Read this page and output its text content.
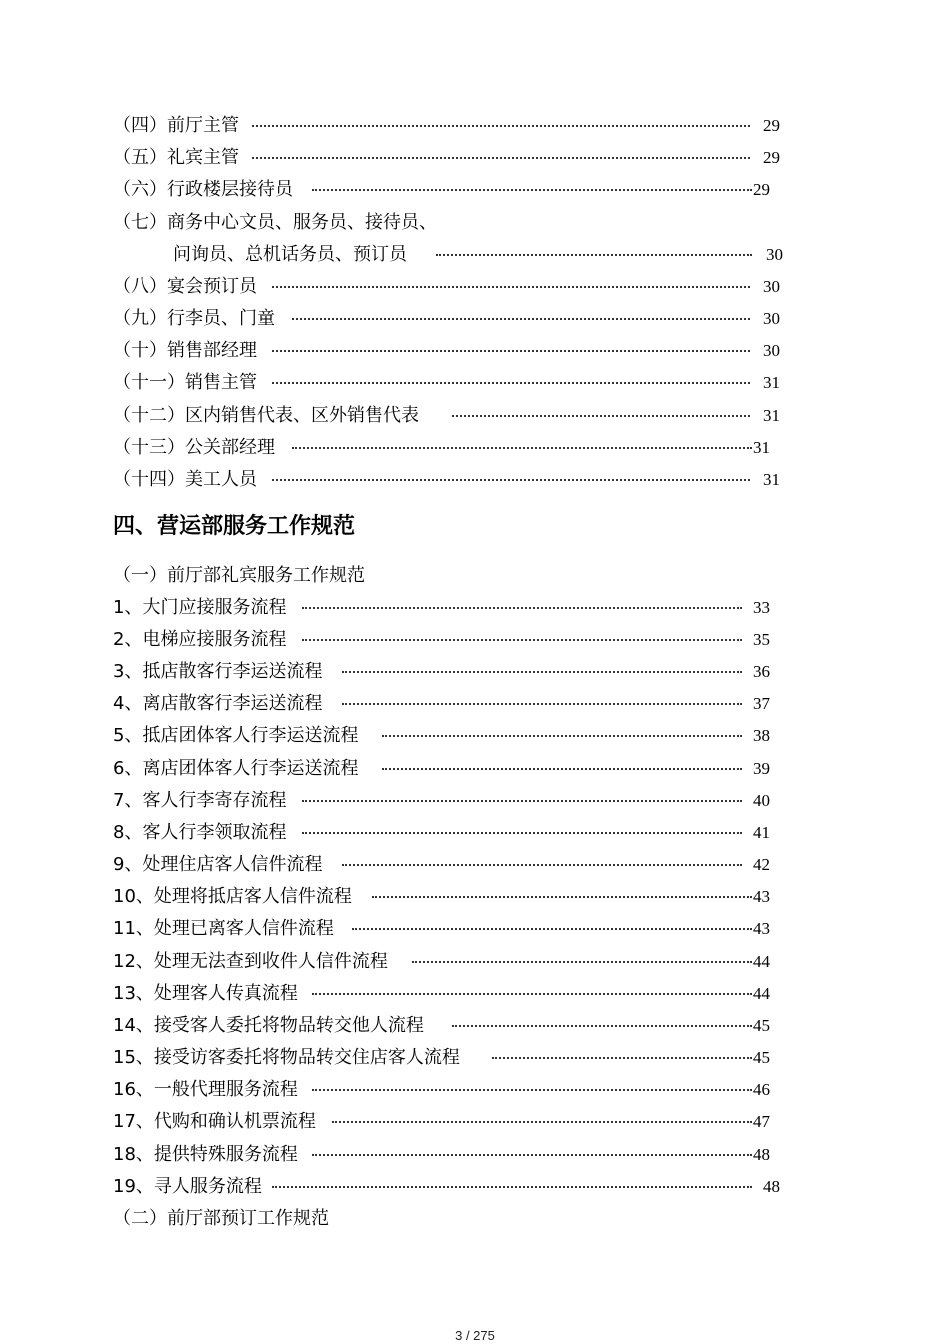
（四）前厅主管	29
（五）礼宾主管	29
（六）行政楼层接待员	29
（七）商务中心文员、服务员、接待员、
问询员、总机话务员、预订员	30
（八）宴会预订员	30
（九）行李员、门童	30
（十）销售部经理	30
（十一）销售主管	31
（十二）区内销售代表、区外销售代表	31
（十三）公关部经理	31
（十四）美工人员	31
四、营运部服务工作规范
（一）前厅部礼宾服务工作规范
1、大门应接服务流程	33
2、电梯应接服务流程	35
3、抵店散客行李运送流程	36
4、离店散客行李运送流程	37
5、抵店团体客人行李运送流程	38
6、离店团体客人行李运送流程	39
7、客人行李寄存流程	40
8、客人行李领取流程	41
9、处理住店客人信件流程	42
10、处理将抵店客人信件流程	43
11、处理已离客人信件流程	43
12、处理无法查到收件人信件流程	44
13、处理客人传真流程	44
14、接受客人委托将物品转交他人流程	45
15、接受访客委托将物品转交住店客人流程	45
16、一般代理服务流程	46
17、代购和确认机票流程	47
18、提供特殊服务流程	48
19、寻人服务流程	48
（二）前厅部预订工作规范
3 / 275
